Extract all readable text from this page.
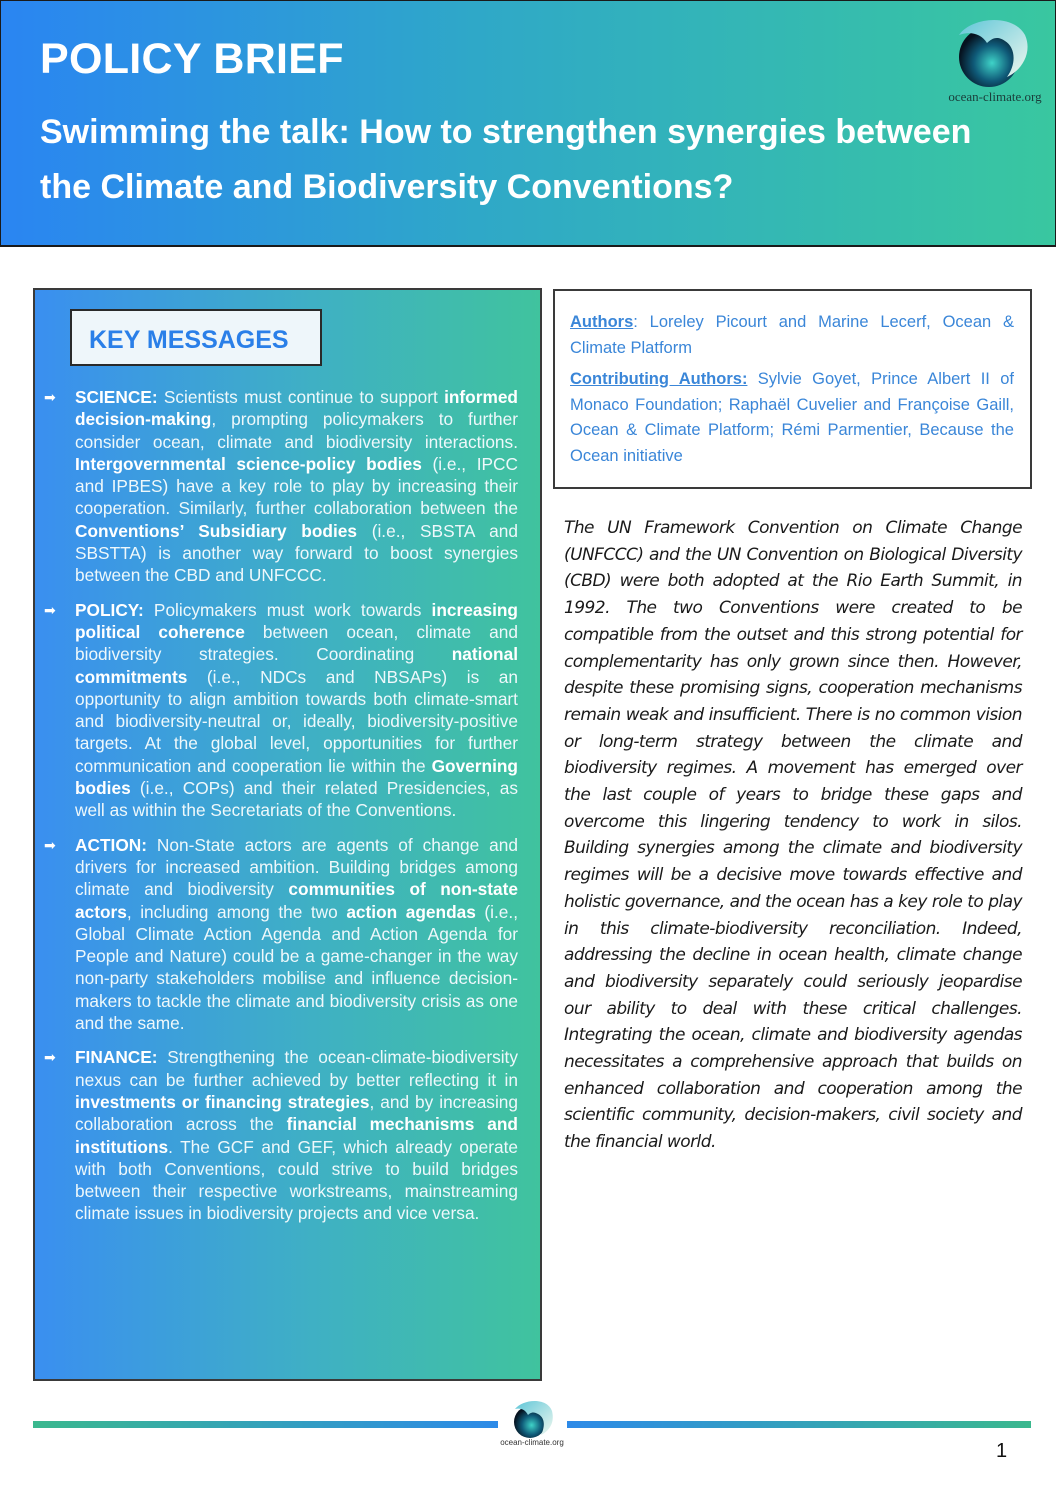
POLICY BRIEF
Swimming the talk: How to strengthen synergies between the Climate and Biodiversity Conventions?
ocean-climate.org
KEY MESSAGES
➡ SCIENCE: Scientists must continue to support informed decision-making, prompting policymakers to further consider ocean, climate and biodiversity interactions. Intergovernmental science-policy bodies (i.e., IPCC and IPBES) have a key role to play by increasing their cooperation. Similarly, further collaboration between the Conventions’ Subsidiary bodies (i.e., SBSTA and SBSTTA) is another way forward to boost synergies between the CBD and UNFCCC.
➡ POLICY: Policymakers must work towards increasing political coherence between ocean, climate and biodiversity strategies. Coordinating national commitments (i.e., NDCs and NBSAPs) is an opportunity to align ambition towards both climate-smart and biodiversity-neutral or, ideally, biodiversity-positive targets. At the global level, opportunities for further communication and cooperation lie within the Governing bodies (i.e., COPs) and their related Presidencies, as well as within the Secretariats of the Conventions.
➡ ACTION: Non-State actors are agents of change and drivers for increased ambition. Building bridges among climate and biodiversity communities of non-state actors, including among the two action agendas (i.e., Global Climate Action Agenda and Action Agenda for People and Nature) could be a game-changer in the way non-party stakeholders mobilise and influence decision-makers to tackle the climate and biodiversity crisis as one and the same.
➡ FINANCE: Strengthening the ocean-climate-biodiversity nexus can be further achieved by better reflecting it in investments or financing strategies, and by increasing collaboration across the financial mechanisms and institutions. The GCF and GEF, which already operate with both Conventions, could strive to build bridges between their respective workstreams, mainstreaming climate issues in biodiversity projects and vice versa.

Authors: Loreley Picourt and Marine Lecerf, Ocean & Climate Platform

Contributing Authors: Sylvie Goyet, Prince Albert II of Monaco Foundation; Raphaël Cuvelier and Françoise Gaill, Ocean & Climate Platform; Rémi Parmentier, Because the Ocean initiative

The UN Framework Convention on Climate Change (UNFCCC) and the UN Convention on Biological Diversity (CBD) were both adopted at the Rio Earth Summit, in 1992. The two Conventions were created to be compatible from the outset and this strong potential for complementarity has only grown since then. However, despite these promising signs, cooperation mechanisms remain weak and insufficient. There is no common vision or long-term strategy between the climate and biodiversity regimes. A movement has emerged over the last couple of years to bridge these gaps and overcome this lingering tendency to work in silos. Building synergies among the climate and biodiversity regimes will be a decisive move towards effective and holistic governance, and the ocean has a key role to play in this climate-biodiversity reconciliation. Indeed, addressing the decline in ocean health, climate change and biodiversity separately could seriously jeopardise our ability to deal with these critical challenges. Integrating the ocean, climate and biodiversity agendas necessitates a comprehensive approach that builds on enhanced collaboration and cooperation among the scientific community, decision-makers, civil society and the financial world.
ocean-climate.org	1
